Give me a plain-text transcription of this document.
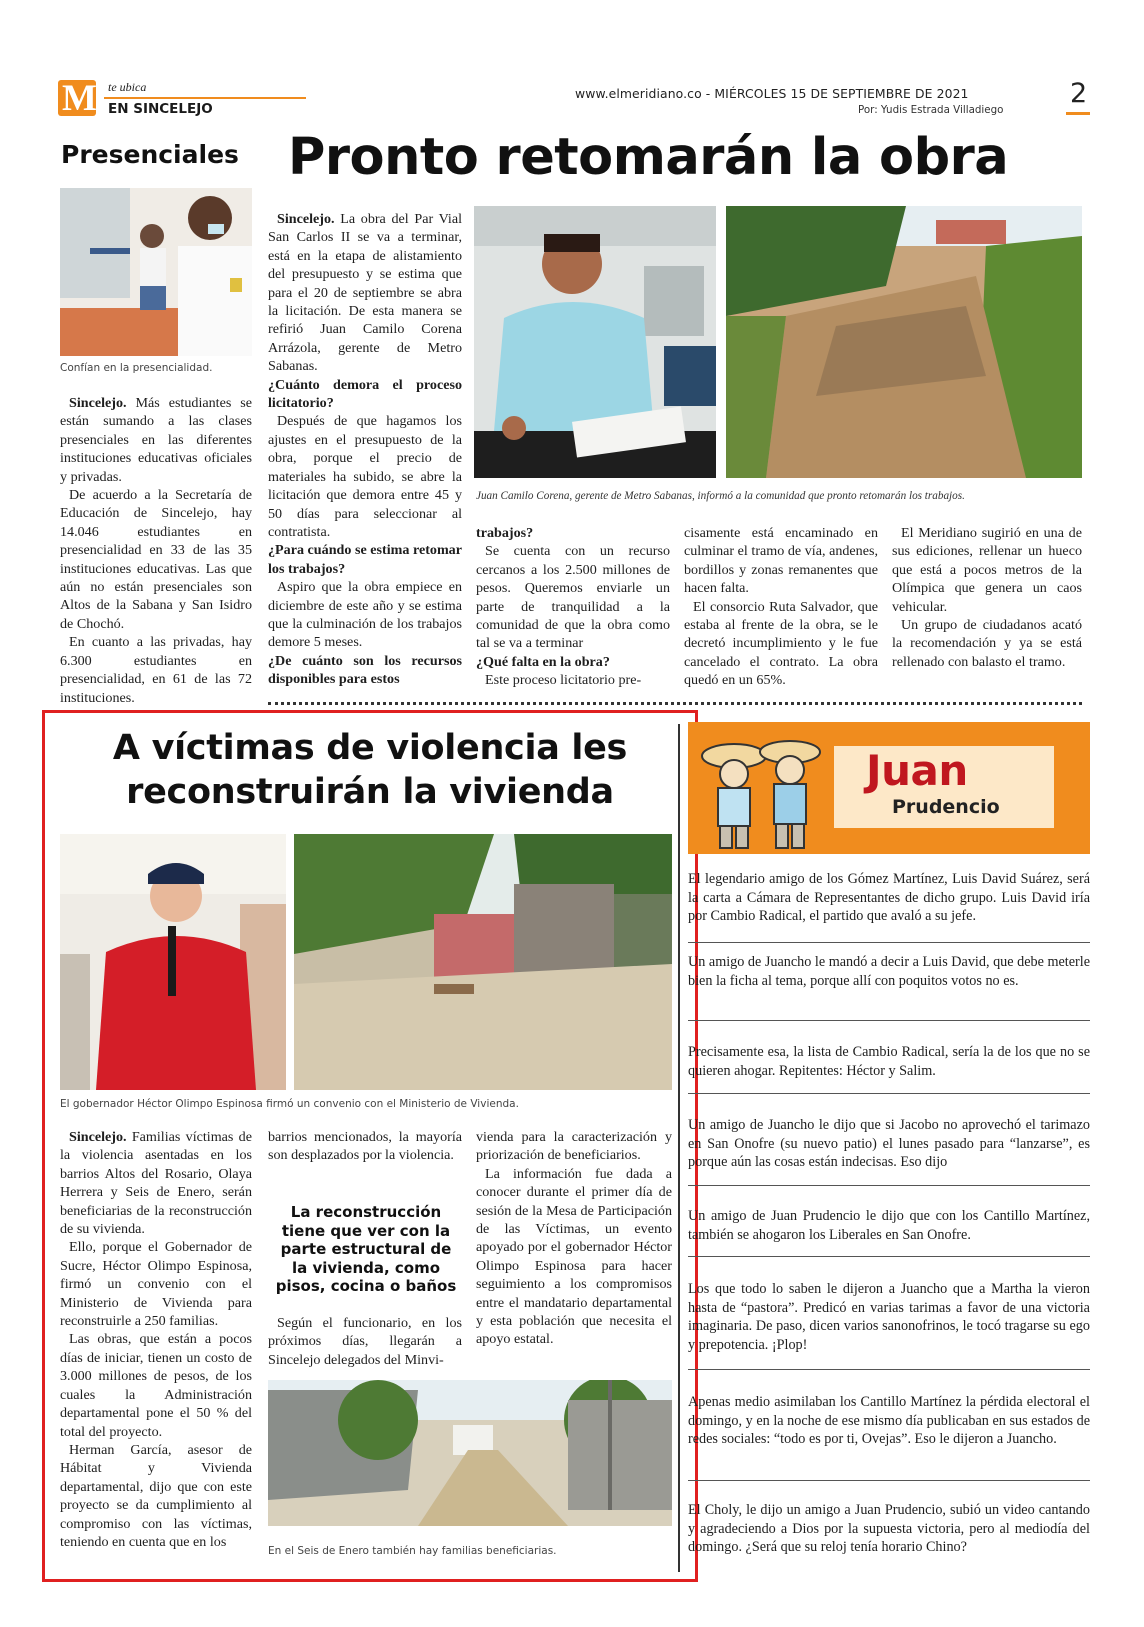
M te ubica
EN SINCELEJO
www.elmeridiano.co - MIÉRCOLES 15 DE SEPTIEMBRE DE 2021
Por: Yudis Estrada Villadiego
2
Presenciales
Confían en la presencialidad.

Sincelejo. Más estudiantes se están sumando a las clases presenciales en las diferentes instituciones educativas oficiales y privadas.

De acuerdo a la Secretaría de Educación de Sincelejo, hay 14.046 estudiantes en presencialidad en 33 de las 35 instituciones educativas. Las que aún no están presenciales son Altos de la Sabana y San Isidro de Chochó.

En cuanto a las privadas, hay 6.300 estudiantes en presencialidad, en 61 de las 72 instituciones.

Pronto retomarán la obra
Juan Camilo Corena, gerente de Metro Sabanas, informó a la comunidad que pronto retomarán los trabajos.

Sincelejo. La obra del Par Vial San Carlos II se va a terminar, está en la etapa de alistamiento del presupuesto y se estima que para el 20 de septiembre se abra la licitación. De esta manera se refirió Juan Camilo Corena Arrázola, gerente de Metro Sabanas.

¿Cuánto demora el proceso licitatorio?

Después de que hagamos los ajustes en el presupuesto de la obra, porque el precio de materiales ha subido, se abre la licitación que demora entre 45 y 50 días para seleccionar al contratista.

¿Para cuándo se estima retomar los trabajos?

Aspiro que la obra empiece en diciembre de este año y se estima que la culminación de los trabajos demore 5 meses.

¿De cuánto son los recursos disponibles para estos

trabajos?

Se cuenta con un recurso cercanos a los 2.500 millones de pesos. Queremos enviarle un parte de tranquilidad a la comunidad de que la obra como tal se va a terminar

¿Qué falta en la obra?

Este proceso licitatorio pre-

cisamente está encaminado en culminar el tramo de vía, andenes, bordillos y zonas remanentes que hacen falta.

El consorcio Ruta Salvador, que estaba al frente de la obra, se le decretó incumplimiento y le fue cancelado el contrato. La obra quedó en un 65%.

El Meridiano sugirió en una de sus ediciones, rellenar un hueco que está a pocos metros de la Olímpica que genera un caos vehicular.

Un grupo de ciudadanos acató la recomendación y ya se está rellenado con balasto el tramo.

A víctimas de violencia les
reconstruirán la vivienda
El gobernador Héctor Olimpo Espinosa firmó un convenio con el Ministerio de Vivienda.

Sincelejo. Familias víctimas de la violencia asentadas en los barrios Altos del Rosario, Olaya Herrera y Seis de Enero, serán beneficiarias de la reconstrucción de su vivienda.

Ello, porque el Gobernador de Sucre, Héctor Olimpo Espinosa, firmó un convenio con el Ministerio de Vivienda para reconstruirle a 250 familias.

Las obras, que están a pocos días de iniciar, tienen un costo de 3.000 millones de pesos, de los cuales la Administración departamental pone el 50 % del total del proyecto.

Herman García, asesor de Hábitat y Vivienda departamental, dijo que con este proyecto se da cumplimiento al compromiso con las víctimas, teniendo en cuenta que en los

barrios mencionados, la mayoría son desplazados por la violencia.

La reconstrucción tiene que ver con la parte estructural de la vivienda, como pisos, cocina o baños

Según el funcionario, en los próximos días, llegarán a Sincelejo delegados del Minvi-

vienda para la caracterización y priorización de beneficiarios.

La información fue dada a conocer durante el primer día de sesión de la Mesa de Participación de las Víctimas, un evento apoyado por el gobernador Héctor Olimpo Espinosa para hacer seguimiento a los compromisos entre el mandatario departamental y esta población que necesita el apoyo estatal.

En el Seis de Enero también hay familias beneficiarias.
Juan
Prudencio
El legendario amigo de los Gómez Martínez, Luis David Suárez, será la carta a Cámara de Representantes de dicho grupo. Luis David iría por Cambio Radical, el partido que avaló a su jefe.
Un amigo de Juancho le mandó a decir a Luis David, que debe meterle bien la ficha al tema, porque allí con poquitos votos no es.
Precisamente esa, la lista de Cambio Radical, sería la de los que no se quieren ahogar. Repitentes: Héctor y Salim.
Un amigo de Juancho le dijo que si Jacobo no aprovechó el tarimazo en San Onofre (su nuevo patio) el lunes pasado para “lanzarse”, es porque aún las cosas están indecisas. Eso dijo
Un amigo de Juan Prudencio le dijo que con los Cantillo Martínez, también se ahogaron los Liberales en San Onofre.
Los que todo lo saben le dijeron a Juancho que a Martha la vieron hasta de “pastora”. Predicó en varias tarimas a favor de una victoria imaginaria. De paso, dicen varios sanonofrinos, le tocó tragarse su ego y prepotencia. ¡Plop!
Apenas medio asimilaban los Cantillo Martínez la pérdida electoral el domingo, y en la noche de ese mismo día publicaban en sus estados de redes sociales: “todo es por ti, Ovejas”. Eso le dijeron a Juancho.
El Choly, le dijo un amigo a Juan Prudencio, subió un video cantando y agradeciendo a Dios por la supuesta victoria, pero al mediodía del domingo. ¿Será que su reloj tenía horario Chino?
